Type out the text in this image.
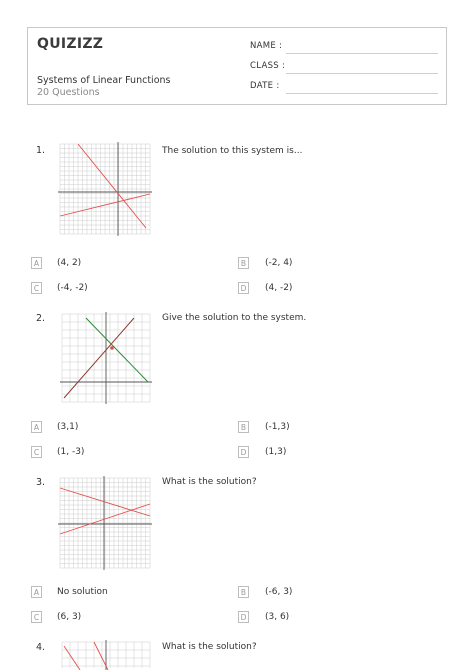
QUIZIZZ
Systems of Linear Functions
20 Questions
NAME :
CLASS :
DATE :
1.	The solution to this system is...
A	(4, 2)	B	(-2, 4)
C	(-4, -2)	D (4, -2)
2.	Give the solution to the system.
A	(3,1)	B	(-1,3)
C	(1, -3)	D (1,3)
3.	What is the solution?
A	No solution	B	(-6, 3)
C	(6, 3)	D (3, 6)
4.	What is the solution?
